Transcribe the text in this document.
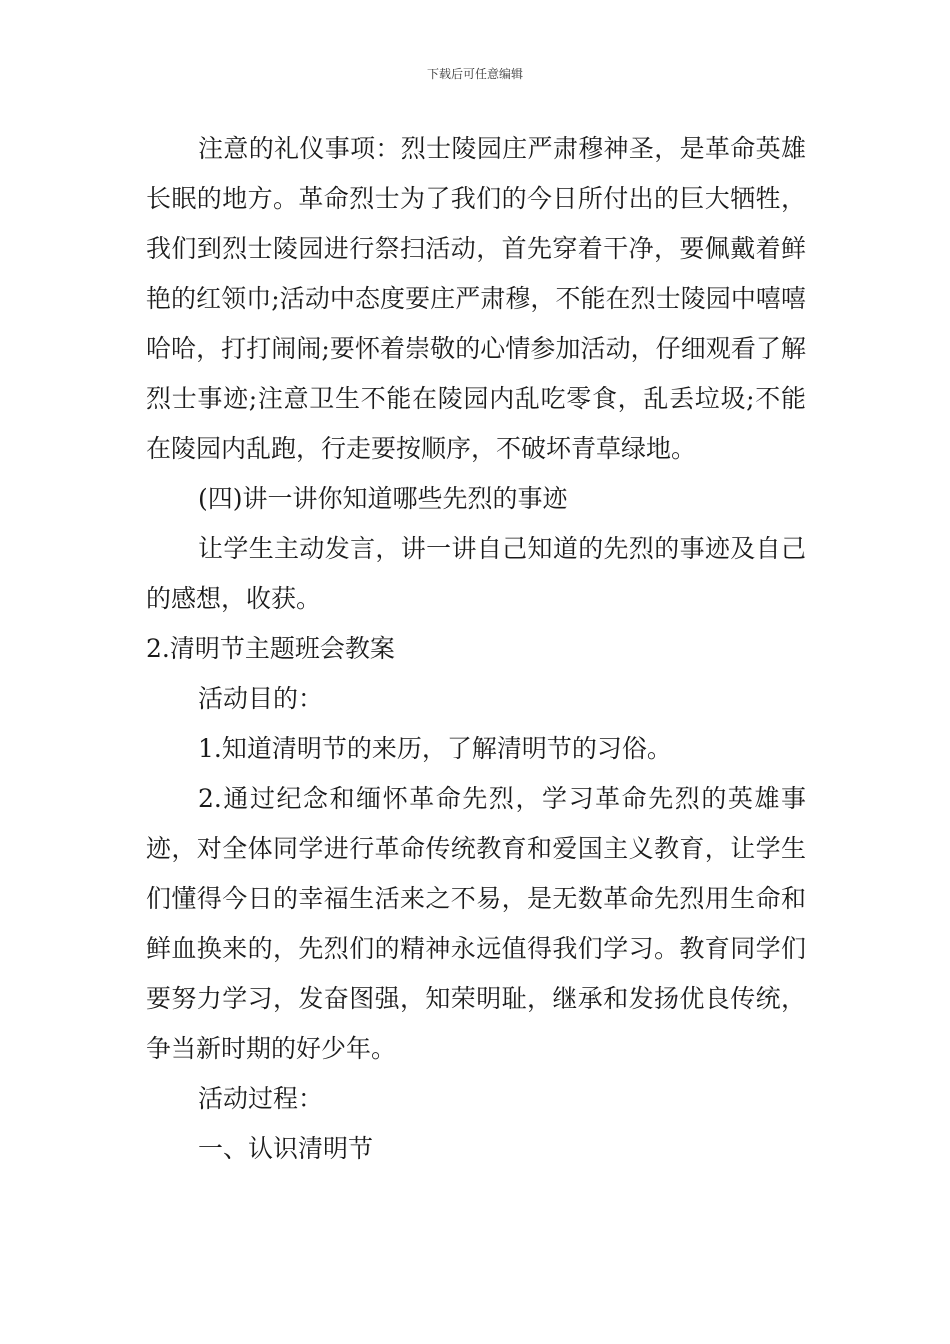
下载后可任意编辑

注意的礼仪事项：烈士陵园庄严肃穆神圣，是革命英雄长眠的地方。革命烈士为了我们的今日所付出的巨大牺牲，我们到烈士陵园进行祭扫活动，首先穿着干净，要佩戴着鲜艳的红领巾;活动中态度要庄严肃穆，不能在烈士陵园中嘻嘻哈哈，打打闹闹;要怀着崇敬的心情参加活动，仔细观看了解烈士事迹;注意卫生不能在陵园内乱吃零食，乱丢垃圾;不能在陵园内乱跑，行走要按顺序，不破坏青草绿地。

(四)讲一讲你知道哪些先烈的事迹

让学生主动发言，讲一讲自己知道的先烈的事迹及自己的感想，收获。

2.清明节主题班会教案

活动目的：

1.知道清明节的来历，了解清明节的习俗。

2.通过纪念和缅怀革命先烈，学习革命先烈的英雄事迹，对全体同学进行革命传统教育和爱国主义教育，让学生们懂得今日的幸福生活来之不易，是无数革命先烈用生命和鲜血换来的，先烈们的精神永远值得我们学习。教育同学们要努力学习，发奋图强，知荣明耻，继承和发扬优良传统，争当新时期的好少年。

活动过程：

一、认识清明节
